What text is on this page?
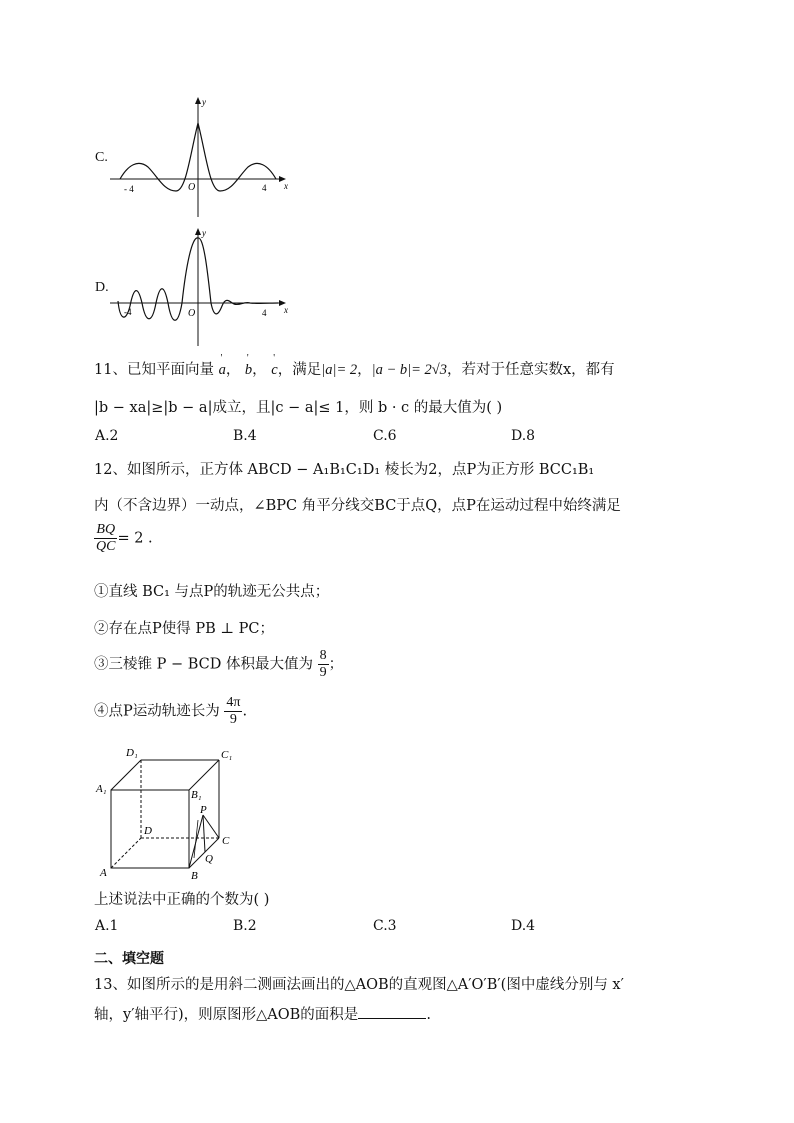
C.
y
x
O
- 4	4
D.
y
x
O
-4	4
11、已知平面向量 ' a， ' b， ' c，满足|a|= 2，|a − b|= 2√3，若对于任意实数x，都有
|b − xa|≥|b − a|成立，且|c − a|≤ 1，则 b · c 的最大值为( )
A.2	B.4	C.6	D.8
12、如图所示，正方体 ABCD − A₁B₁C₁D₁ 棱长为2，点P为正方形 BCC₁B₁
内（不含边界）一动点，∠BPC 角平分线交BC于点Q，点P在运动过程中始终满足
$\frac{BQ}{QC} = 2$ .
①直线 BC₁ 与点P的轨迹无公共点；
②存在点P使得 PB ⊥ PC；
③三棱锥 P − BCD 体积最大值为 $\frac{8}{9}$ ；
④点P运动轨迹长为 $\frac{4\pi}{9}$ .
D₁	C₁
A₁	B₁
P
D
C
A	B
Q
上述说法中正确的个数为( )
A.1	B.2	C.3	D.4
二、填空题
13、如图所示的是用斜二测画法画出的△AOB的直观图△A′O′B′(图中虚线分别与 x′
轴，y′轴平行)，则原图形△AOB的面积是	.
